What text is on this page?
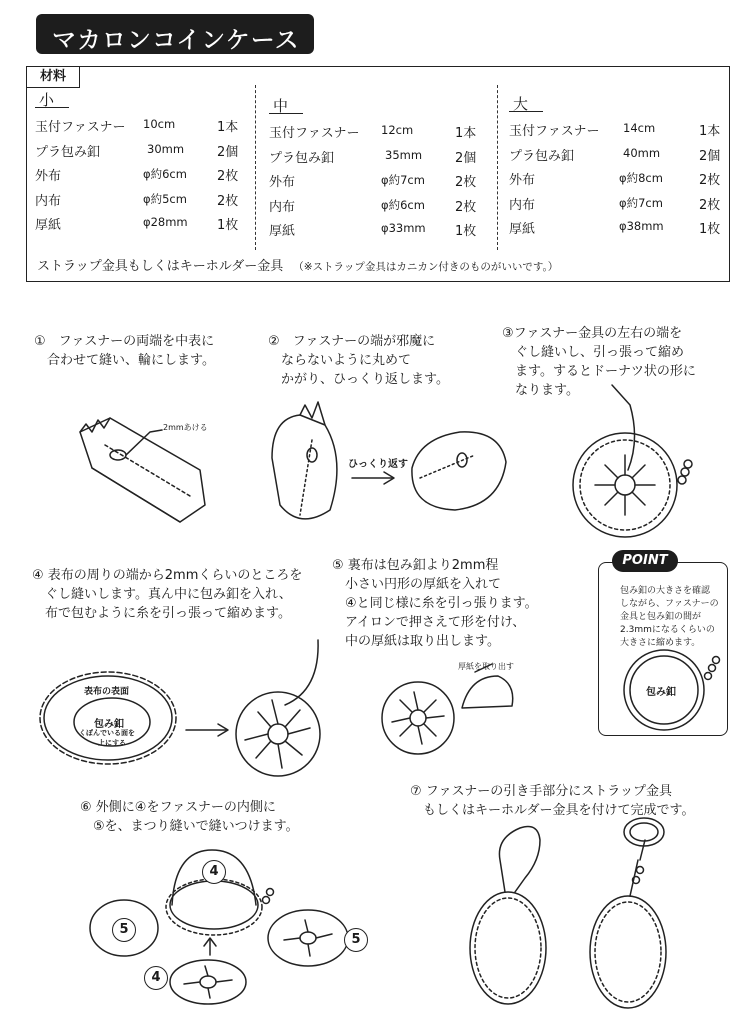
マカロンコインケース
材料
小
玉付ファスナー 10cm	1本
プラ包み釦	30mm	2個
外布	φ約6cm 2枚
内布	φ約5cm 2枚
厚紙	φ28mm 1枚
中
玉付ファスナー 12cm	1本
プラ包み釦	35mm	2個
外布	φ約7cm 2枚
内布	φ約6cm 2枚
厚紙	φ33mm 1枚
大
玉付ファスナー 14cm	1本
プラ包み釦	40mm	2個
外布	φ約8cm	2枚
内布	φ約7cm	2枚
厚紙	φ38mm	1枚
ストラップ金具もしくはキーホルダー金具 （※ストラップ金具はカニカン付きのものがいいです。）
①　ファスナーの両端を中表に
　合わせて縫い、輪にします。
②　ファスナーの端が邪魔に
　ならないように丸めて
　かがり、ひっくり返します。
③ファスナー金具の左右の端を
　ぐし縫いし、引っ張って縮め
　ます。するとドーナツ状の形に
　なります。
④ 表布の周りの端から2mmくらいのところを
　ぐし縫いします。真ん中に包み釦を入れ、
　布で包むように糸を引っ張って縮めます。
⑤ 裏布は包み釦より2mm程
　小さい円形の厚紙を入れて
　④と同じ様に糸を引っ張ります。
　アイロンで押さえて形を付け、
　中の厚紙は取り出します。
⑥ 外側に④をファスナーの内側に
　⑤を、まつり縫いで縫いつけます。
⑦ ファスナーの引き手部分にストラップ金具
　もしくはキーホルダー金具を付けて完成です。
2mmあける
ひっくり返す
厚紙を取り出す
表布の表面
包み釦
くぼんでいる面を
上にする
POINT
包み釦の大きさを確認
しながら、ファスナーの
金具と包み釦の間が
2.3mmになるくらいの
大きさに縮めます。
包み釦
4
5
5
4
